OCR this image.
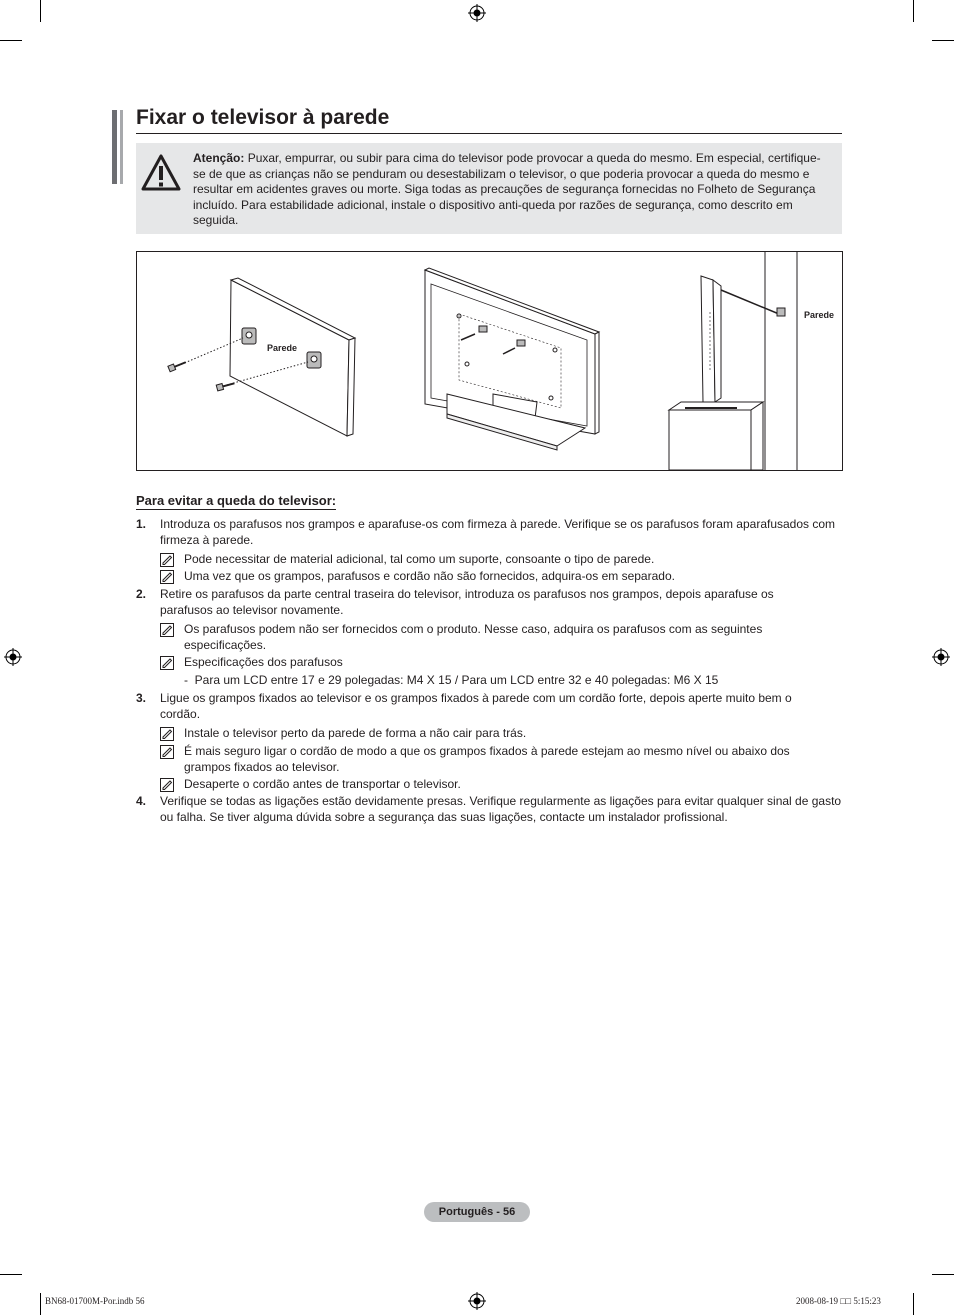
Fixar o televisor à parede
Atenção: Puxar, empurrar, ou subir para cima do televisor pode provocar a queda do mesmo. Em especial, certifique-se de que as crianças não se penduram ou desestabilizam o televisor, o que poderia provocar a queda do mesmo e resultar em acidentes graves ou morte. Siga todas as precauções de segurança fornecidas no Folheto de Segurança incluído. Para estabilidade adicional, instale o dispositivo anti-queda por razões de segurança, como descrito em seguida.
Parede
Parede
Para evitar a queda do televisor:
1. Introduza os parafusos nos grampos e aparafuse-os com firmeza à parede. Verifique se os parafusos foram aparafusados com firmeza à parede.
Pode necessitar de material adicional, tal como um suporte, consoante o tipo de parede.
Uma vez que os grampos, parafusos e cordão não são fornecidos, adquira-os em separado.
2. Retire os parafusos da parte central traseira do televisor, introduza os parafusos nos grampos, depois aparafuse os parafusos ao televisor novamente.
Os parafusos podem não ser fornecidos com o produto. Nesse caso, adquira os parafusos com as seguintes especificações.
Especificações dos parafusos
-  Para um LCD entre 17 e 29 polegadas: M4 X 15 / Para um LCD entre 32 e 40 polegadas: M6 X 15
3. Ligue os grampos fixados ao televisor e os grampos fixados à parede com um cordão forte, depois aperte muito bem o cordão.
Instale o televisor perto da parede de forma a não cair para trás.
É mais seguro ligar o cordão de modo a que os grampos fixados à parede estejam ao mesmo nível ou abaixo dos grampos fixados ao televisor.
Desaperte o cordão antes de transportar o televisor.
4. Verifique se todas as ligações estão devidamente presas. Verifique regularmente as ligações para evitar qualquer sinal de gasto ou falha. Se tiver alguma dúvida sobre a segurança das suas ligações, contacte um instalador profissional.
Português - 56
BN68-01700M-Por.indb 56	2008-08-19 □□ 5:15:23
